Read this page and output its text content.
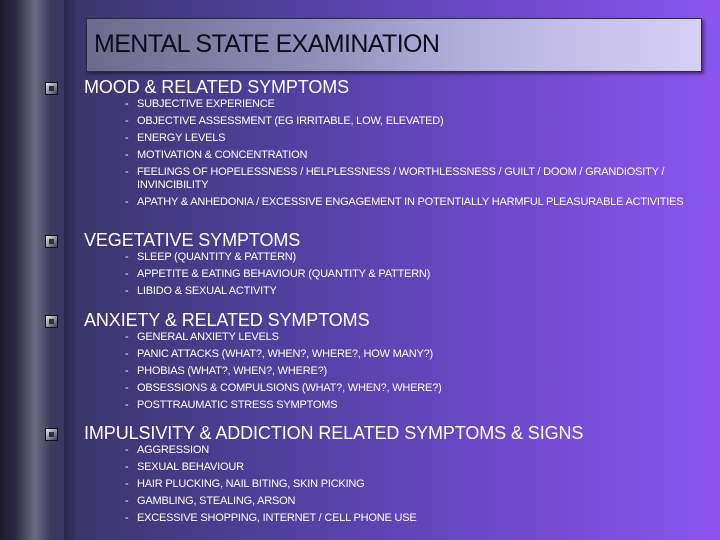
MENTAL STATE EXAMINATION
MOOD & RELATED SYMPTOMS
- SUBJECTIVE EXPERIENCE
- OBJECTIVE ASSESSMENT (EG IRRITABLE, LOW, ELEVATED)
- ENERGY LEVELS
- MOTIVATION & CONCENTRATION
- FEELINGS OF HOPELESSNESS / HELPLESSNESS / WORTHLESSNESS / GUILT / DOOM / GRANDIOSITY / INVINCIBILITY
- APATHY & ANHEDONIA / EXCESSIVE ENGAGEMENT IN POTENTIALLY HARMFUL PLEASURABLE ACTIVITIES
VEGETATIVE SYMPTOMS
- SLEEP (QUANTITY & PATTERN)
- APPETITE & EATING BEHAVIOUR (QUANTITY & PATTERN)
- LIBIDO & SEXUAL ACTIVITY
ANXIETY & RELATED SYMPTOMS
- GENERAL ANXIETY LEVELS
- PANIC ATTACKS (WHAT?, WHEN?, WHERE?, HOW MANY?)
- PHOBIAS (WHAT?, WHEN?, WHERE?)
- OBSESSIONS & COMPULSIONS (WHAT?, WHEN?, WHERE?)
- POSTTRAUMATIC STRESS SYMPTOMS
IMPULSIVITY & ADDICTION RELATED SYMPTOMS & SIGNS
- AGGRESSION
- SEXUAL BEHAVIOUR
- HAIR PLUCKING, NAIL BITING, SKIN PICKING
- GAMBLING, STEALING, ARSON
- EXCESSIVE SHOPPING, INTERNET / CELL PHONE USE
